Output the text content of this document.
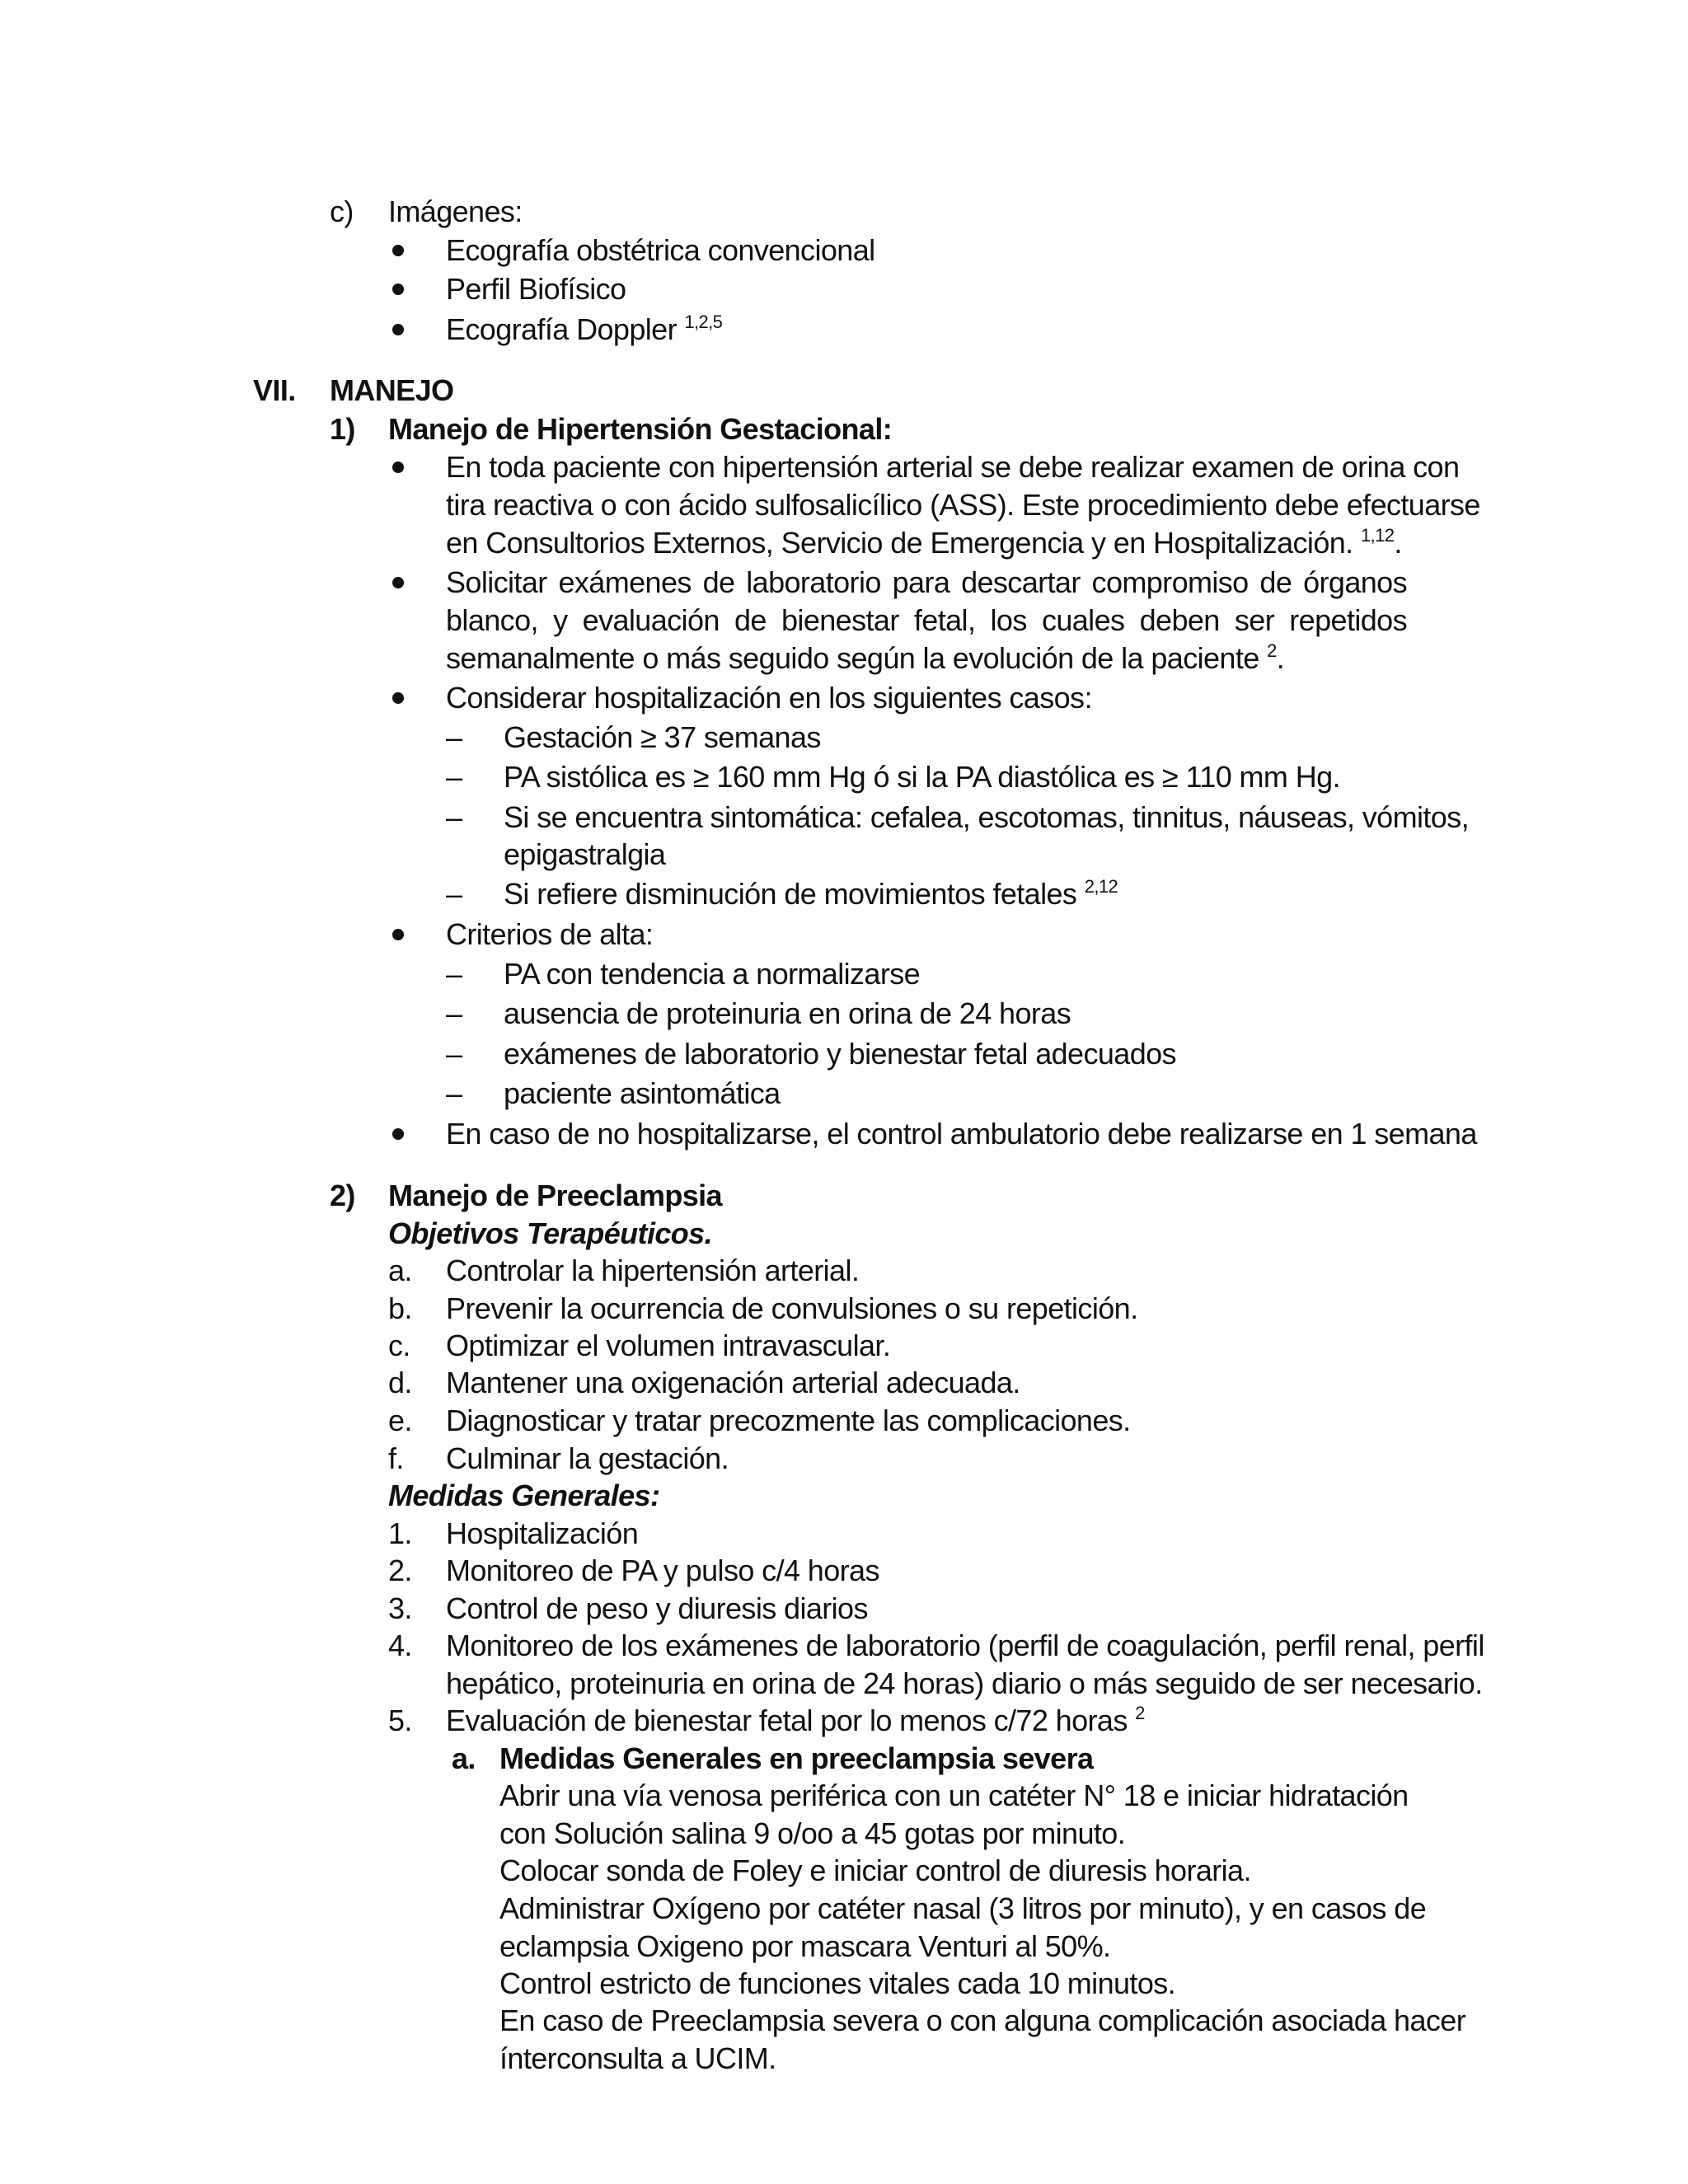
c) Imágenes:
Ecografía obstétrica convencional
Perfil Biofísico
Ecografía Doppler $^{1,2,5}$
VII. MANEJO
1) Manejo de Hipertensión Gestacional:
En toda paciente con hipertensión arterial se debe realizar examen de orina con
tira reactiva o con ácido sulfosalicílico (ASS). Este procedimiento debe efectuarse
en Consultorios Externos, Servicio de Emergencia y en Hospitalización. $^{1,12}$.
Solicitar exámenes de laboratorio para descartar compromiso de órganos
blanco, y evaluación de bienestar fetal, los cuales deben ser repetidos
semanalmente o más seguido según la evolución de la paciente $^2$.
Considerar hospitalización en los siguientes casos:
– Gestación ≥ 37 semanas
– PA sistólica es ≥ 160 mm Hg ó si la PA diastólica es ≥ 110 mm Hg.
– Si se encuentra sintomática: cefalea, escotomas, tinnitus, náuseas, vómitos,
epigastralgia
– Si refiere disminución de movimientos fetales $^{2,12}$
Criterios de alta:
– PA con tendencia a normalizarse
– ausencia de proteinuria en orina de 24 horas
– exámenes de laboratorio y bienestar fetal adecuados
– paciente asintomática
En caso de no hospitalizarse, el control ambulatorio debe realizarse en 1 semana
2) Manejo de Preeclampsia
Objetivos Terapéuticos.
a. Controlar la hipertensión arterial.
b. Prevenir la ocurrencia de convulsiones o su repetición.
c. Optimizar el volumen intravascular.
d. Mantener una oxigenación arterial adecuada.
e. Diagnosticar y tratar precozmente las complicaciones.
f. Culminar la gestación.
Medidas Generales:
1. Hospitalización
2. Monitoreo de PA y pulso c/4 horas
3. Control de peso y diuresis diarios
4. Monitoreo de los exámenes de laboratorio (perfil de coagulación, perfil renal, perfil
hepático, proteinuria en orina de 24 horas) diario o más seguido de ser necesario.
5. Evaluación de bienestar fetal por lo menos c/72 horas $^2$
a. Medidas Generales en preeclampsia severa
Abrir una vía venosa periférica con un catéter N° 18 e iniciar hidratación
con Solución salina 9 o/oo a 45 gotas por minuto.
Colocar sonda de Foley e iniciar control de diuresis horaria.
Administrar Oxígeno por catéter nasal (3 litros por minuto), y en casos de
eclampsia Oxigeno por mascara Venturi al 50%.
Control estricto de funciones vitales cada 10 minutos.
En caso de Preeclampsia severa o con alguna complicación asociada hacer
ínterconsulta a UCIM.
